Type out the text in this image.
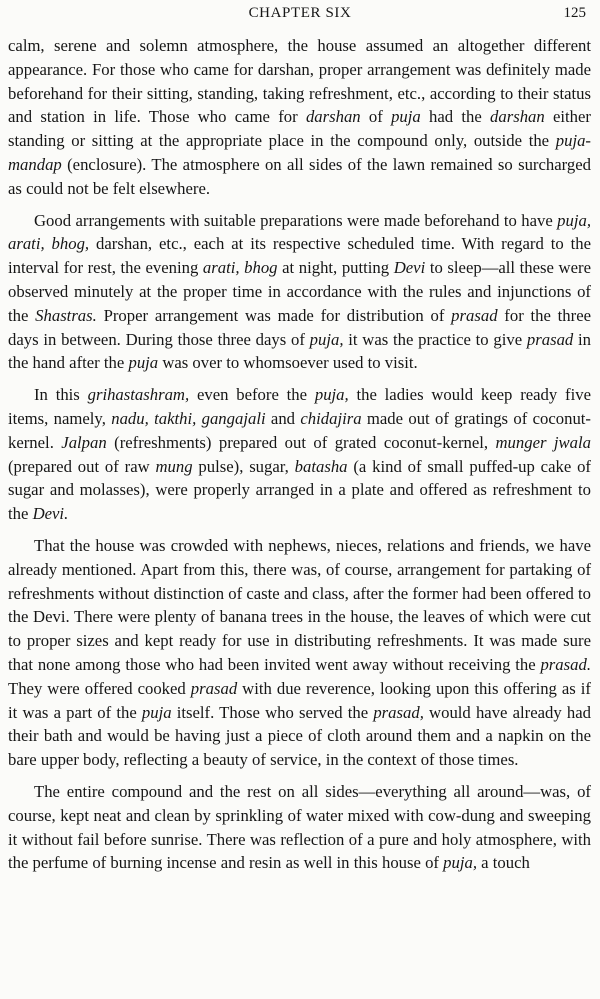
CHAPTER SIX	125

calm, serene and solemn atmosphere, the house assumed an altogether different appearance. For those who came for darshan, proper arrangement was definitely made beforehand for their sitting, standing, taking refreshment, etc., according to their status and station in life. Those who came for darshan of puja had the darshan either standing or sitting at the appropriate place in the compound only, outside the puja-mandap (enclosure). The atmosphere on all sides of the lawn remained so surcharged as could not be felt elsewhere.

Good arrangements with suitable preparations were made beforehand to have puja, arati, bhog, darshan, etc., each at its respective scheduled time. With regard to the interval for rest, the evening arati, bhog at night, putting Devi to sleep—all these were observed minutely at the proper time in accordance with the rules and injunctions of the Shastras. Proper arrangement was made for distribution of prasad for the three days in between. During those three days of puja, it was the practice to give prasad in the hand after the puja was over to whomsoever used to visit.

In this grihastashram, even before the puja, the ladies would keep ready five items, namely, nadu, takthi, gangajali and chidajira made out of gratings of coconut-kernel. Jalpan (refreshments) prepared out of grated coconut-kernel, munger jwala (prepared out of raw mung pulse), sugar, batasha (a kind of small puffed-up cake of sugar and molasses), were properly arranged in a plate and offered as refreshment to the Devi.

That the house was crowded with nephews, nieces, relations and friends, we have already mentioned. Apart from this, there was, of course, arrangement for partaking of refreshments without distinction of caste and class, after the former had been offered to the Devi. There were plenty of banana trees in the house, the leaves of which were cut to proper sizes and kept ready for use in distributing refreshments. It was made sure that none among those who had been invited went away without receiving the prasad. They were offered cooked prasad with due reverence, looking upon this offering as if it was a part of the puja itself. Those who served the prasad, would have already had their bath and would be having just a piece of cloth around them and a napkin on the bare upper body, reflecting a beauty of service, in the context of those times.

The entire compound and the rest on all sides—everything all around—was, of course, kept neat and clean by sprinkling of water mixed with cow-dung and sweeping it without fail before sunrise. There was reflection of a pure and holy atmosphere, with the perfume of burning incense and resin as well in this house of puja, a touch
